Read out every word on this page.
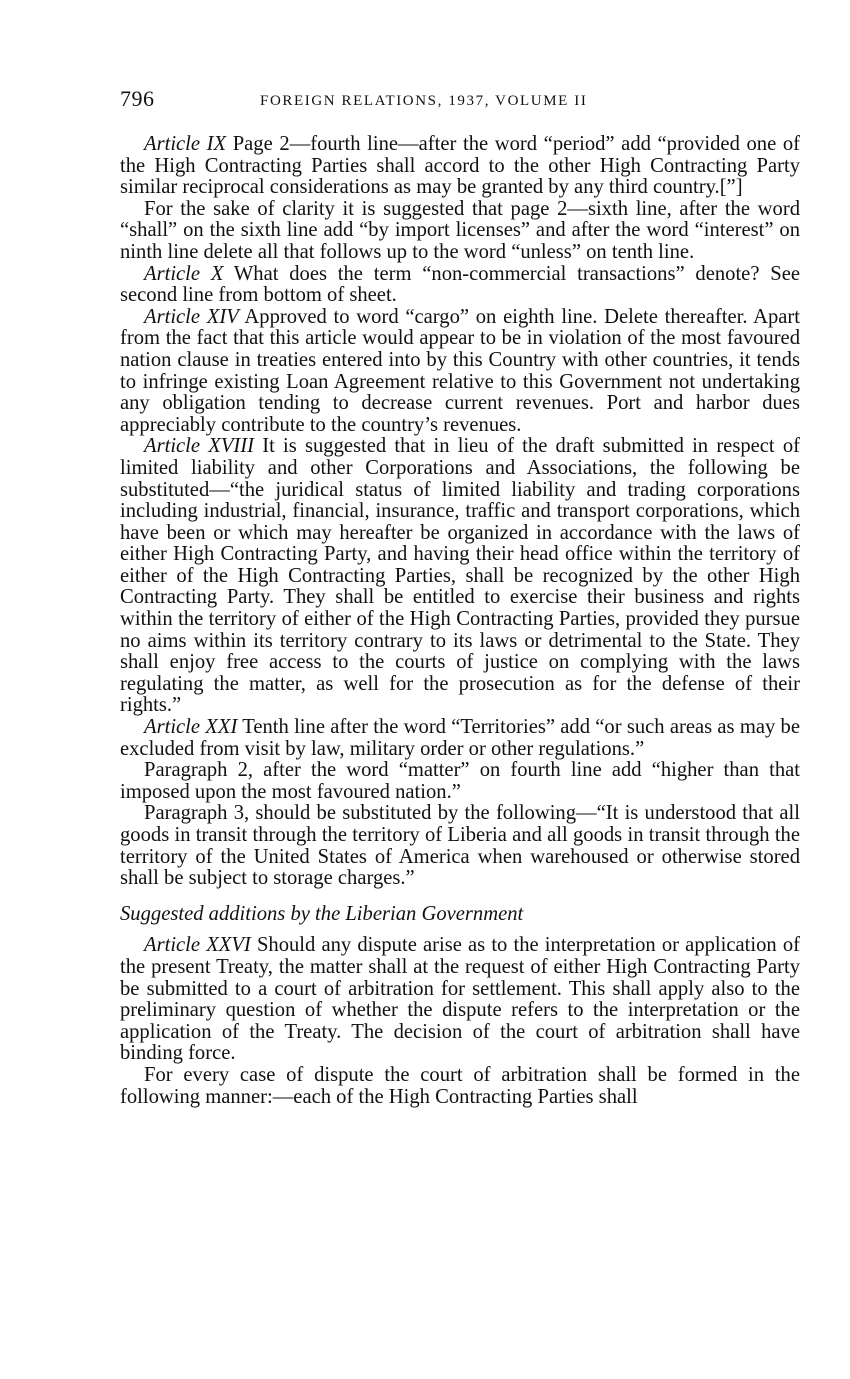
796	FOREIGN RELATIONS, 1937, VOLUME II

Article IX Page 2—fourth line—after the word “period” add “provided one of the High Contracting Parties shall accord to the other High Contracting Party similar reciprocal considerations as may be granted by any third country.[”]

For the sake of clarity it is suggested that page 2—sixth line, after the word “shall” on the sixth line add “by import licenses” and after the word “interest” on ninth line delete all that follows up to the word “unless” on tenth line.

Article X What does the term “non-commercial transactions” denote? See second line from bottom of sheet.

Article XIV Approved to word “cargo” on eighth line. Delete thereafter. Apart from the fact that this article would appear to be in violation of the most favoured nation clause in treaties entered into by this Country with other countries, it tends to infringe existing Loan Agreement relative to this Government not undertaking any obligation tending to decrease current revenues. Port and harbor dues appreciably contribute to the country’s revenues.

Article XVIII It is suggested that in lieu of the draft submitted in respect of limited liability and other Corporations and Associations, the following be substituted—“the juridical status of limited liability and trading corporations including industrial, financial, insurance, traffic and transport corporations, which have been or which may hereafter be organized in accordance with the laws of either High Contracting Party, and having their head office within the territory of either of the High Contracting Parties, shall be recognized by the other High Contracting Party. They shall be entitled to exercise their business and rights within the territory of either of the High Contracting Parties, provided they pursue no aims within its territory contrary to its laws or detrimental to the State. They shall enjoy free access to the courts of justice on complying with the laws regulating the matter, as well for the prosecution as for the defense of their rights.”

Article XXI Tenth line after the word “Territories” add “or such areas as may be excluded from visit by law, military order or other regulations.”

Paragraph 2, after the word “matter” on fourth line add “higher than that imposed upon the most favoured nation.”

Paragraph 3, should be substituted by the following—“It is understood that all goods in transit through the territory of Liberia and all goods in transit through the territory of the United States of America when warehoused or otherwise stored shall be subject to storage charges.”

Suggested additions by the Liberian Government

Article XXVI Should any dispute arise as to the interpretation or application of the present Treaty, the matter shall at the request of either High Contracting Party be submitted to a court of arbitration for settlement. This shall apply also to the preliminary question of whether the dispute refers to the interpretation or the application of the Treaty. The decision of the court of arbitration shall have binding force.

For every case of dispute the court of arbitration shall be formed in the following manner:—each of the High Contracting Parties shall
